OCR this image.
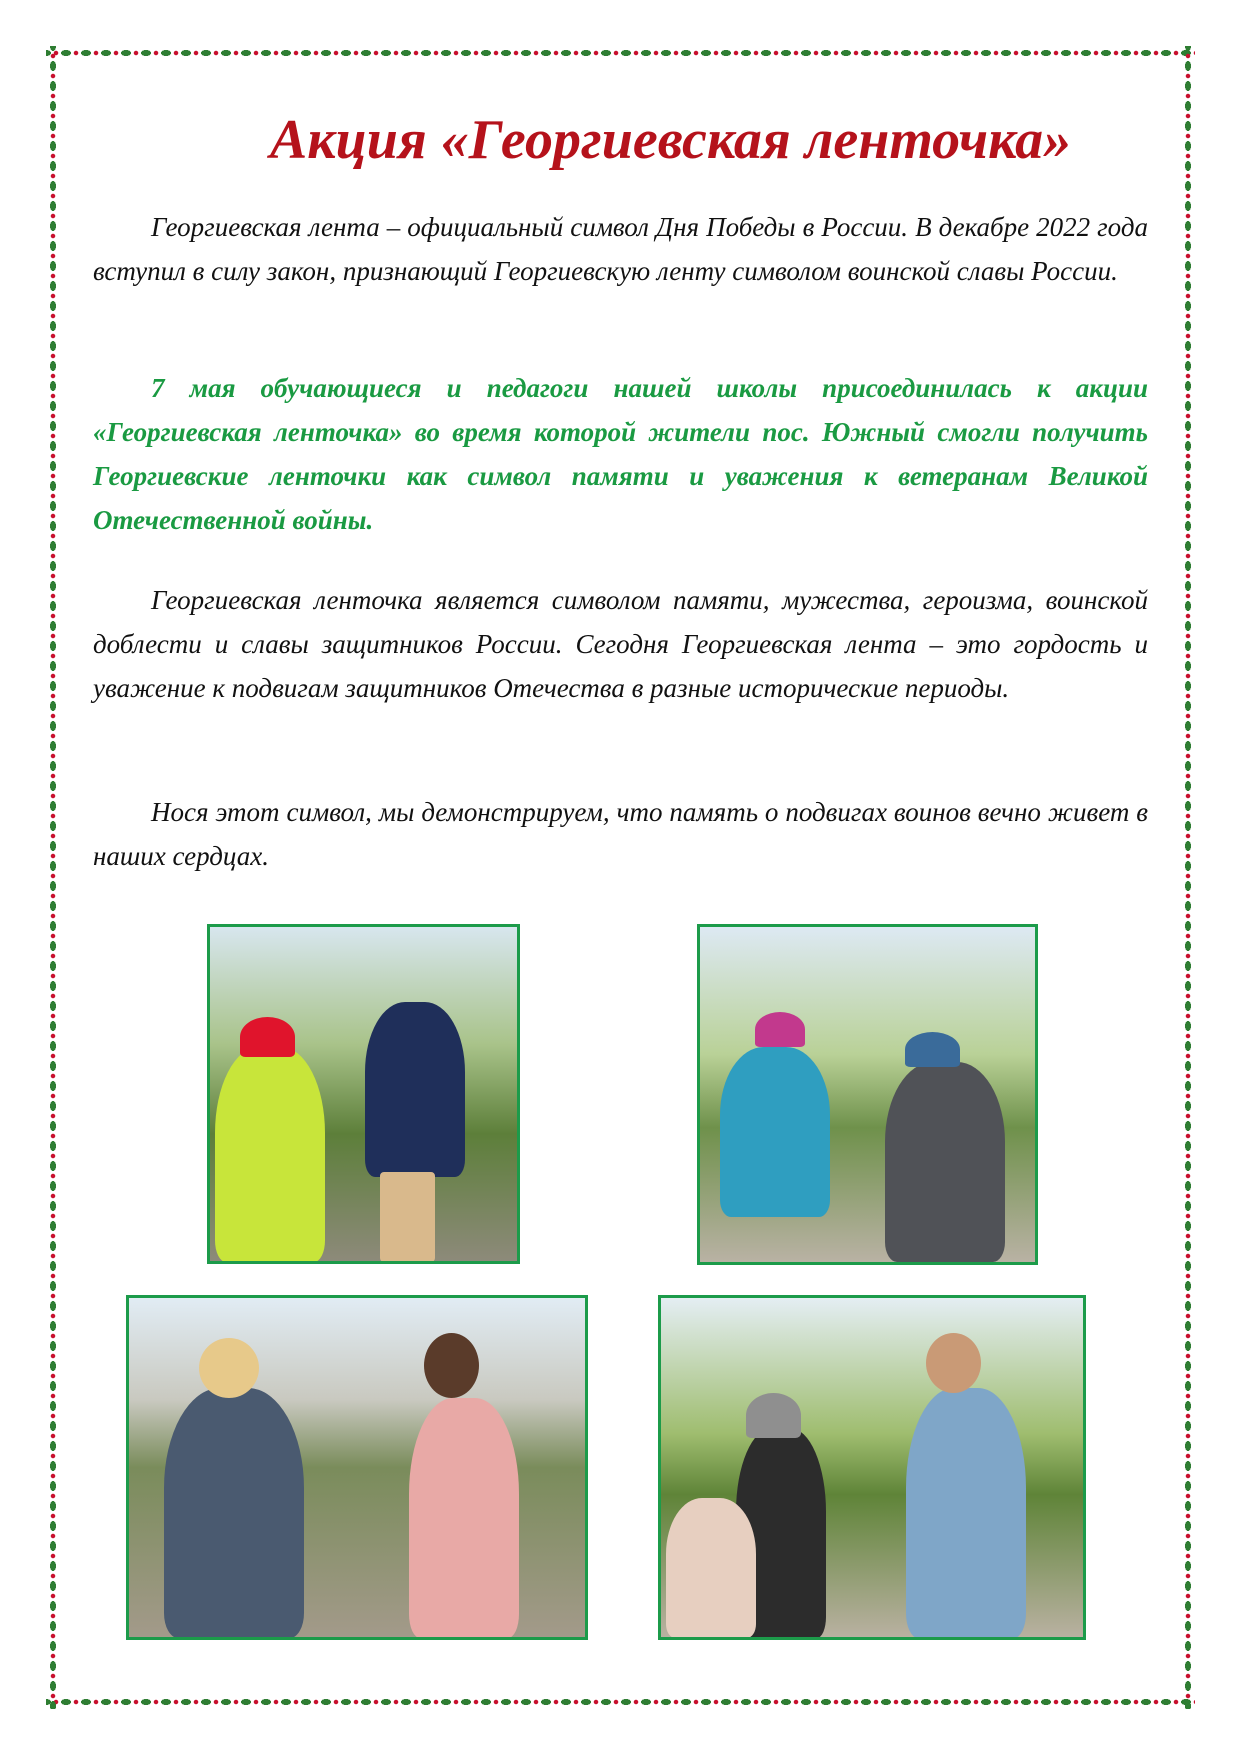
Акция «Георгиевская ленточка»

Георгиевская лента – официальный символ Дня Победы в России. В декабре 2022 года вступил в силу закон, признающий Георгиевскую ленту символом воинской славы России.

7 мая обучающиеся и педагоги нашей школы присоединилась к акции «Георгиевская ленточка» во время которой жители пос. Южный смогли получить Георгиевские ленточки как символ памяти и уважения к ветеранам Великой Отечественной войны.

Георгиевская ленточка является символом памяти, мужества, героизма, воинской доблести и славы защитников России. Сегодня Георгиевская лента – это гордость и уважение к подвигам защитников Отечества в разные исторические периоды.

Нося этот символ, мы демонстрируем, что память о подвигах воинов вечно живет в наших сердцах.
